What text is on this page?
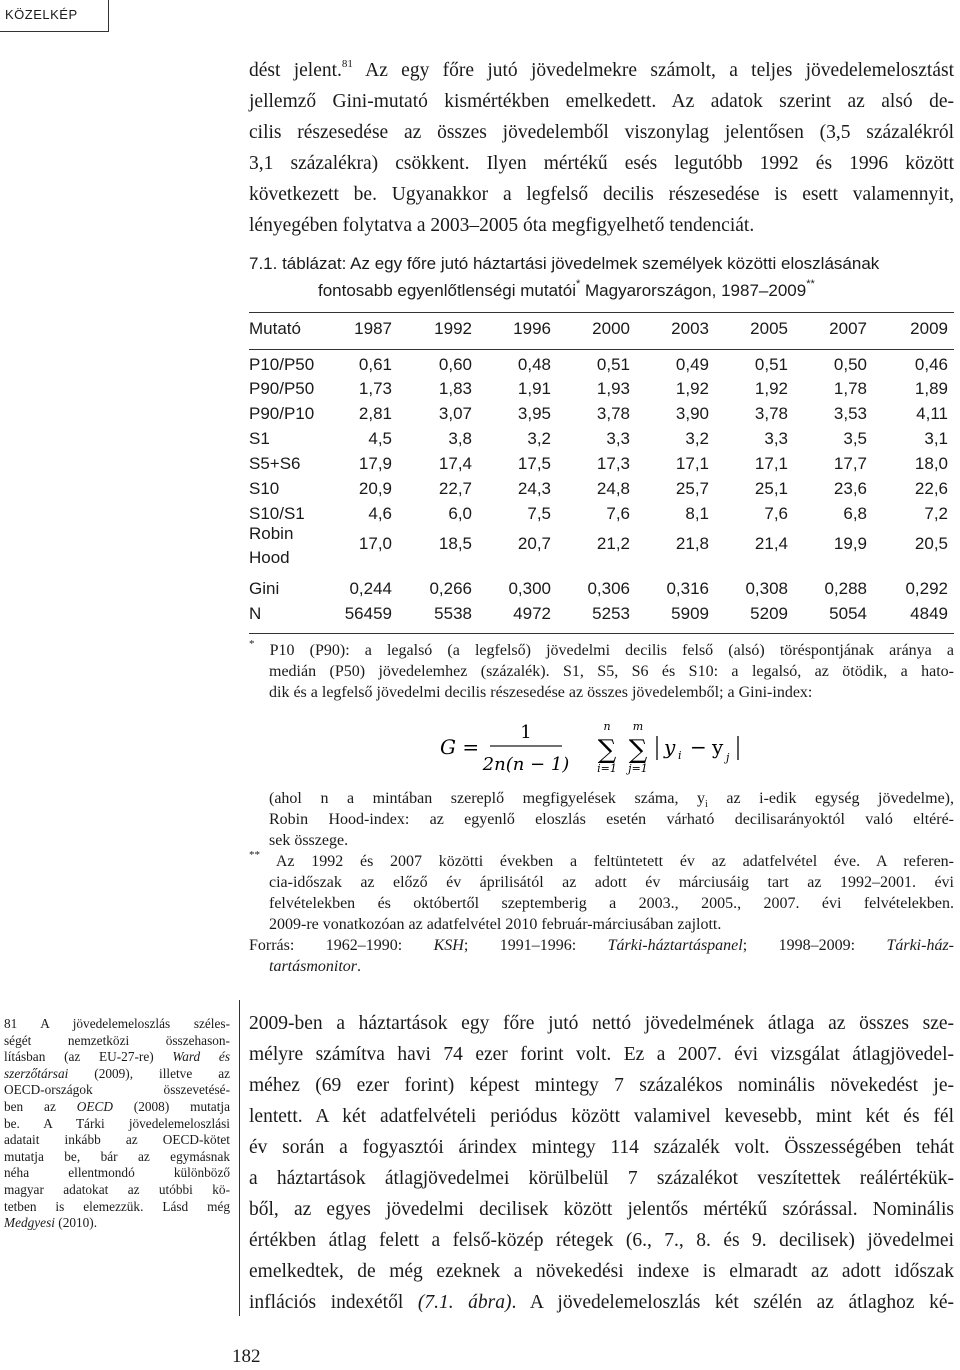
KÖZELKÉP
dést jelent.$^{81}$ Az egy főre jutó jövedelmekre számolt, a teljes jövedelemelosztást
jellemző Gini-mutató kismértékben emelkedett. Az adatok szerint az alsó de-
cilis részesedése az összes jövedelemből viszonylag jelentősen (3,5 százalékról
3,1 százalékra) csökkent. Ilyen mértékű esés legutóbb 1992 és 1996 között
következett be. Ugyanakkor a legfelső decilis részesedése is esett valamennyit,
lényegében folytatva a 2003–2005 óta megfigyelhető tendenciát.
7.1. táblázat: Az egy főre jutó háztartási jövedelmek személyek közötti eloszlásának
fontosabb egyenlőtlenségi mutatói* Magyarországon, 1987–2009**
Mutató	1987 1992 1996 2000 2003 2005 2007	2009
P10/P50	0,61	0,60	0,48	0,51	0,49	0,51	0,50	0,46
P90/P50	1,73	1,83	1,91	1,93	1,92	1,92	1,78	1,89
P90/P10	2,81	3,07	3,95	3,78	3,90	3,78	3,53	4,11
S1	4,5	3,8	3,2	3,3	3,2	3,3	3,5	3,1
S5+S6	17,9	17,4	17,5	17,3	17,1	17,1	17,7	18,0
S10	20,9	22,7	24,3	24,8	25,7	25,1	23,6	22,6
S10/S1	4,6	6,0	7,5	7,6	8,1	7,6	6,8	7,2
Robin
Hood
17,0	18,5	20,7	21,2	21,8	21,4	19,9	20,5
Gini	0,244 0,266 0,300 0,306 0,316 0,308 0,288 0,292
N	56459 5538 4972 5253 5909 5209 5054	4849
* P10 (P90): a legalsó (a legfelső) jövedelmi decilis felső (alsó) töréspontjának aránya a
medián (P50) jövedelemhez (százalék). S1, S5, S6 és S10: a legalsó, az ötödik, a hato-
dik és a legfelső jövedelmi decilis részesedése az összes jövedelemből; a Gini-index:
G =
1
2n(n − 1)
n
∑
i=1
m
∑
j=1
y i − y j
(ahol n a mintában szereplő megfigyelések száma, $y_i$ az i-edik egység jövedelme),
Robin Hood-index: az egyenlő eloszlás esetén várható decilisarányoktól való eltéré-
sek összege.
** Az 1992 és 2007 közötti években a feltüntetett év az adatfelvétel éve. A referen-
cia-időszak az előző év áprilisától az adott év márciusáig tart az 1992–2001. évi
felvételekben és októbertől szeptemberig a 2003., 2005., 2007. évi felvételekben.
2009-re vonatkozóan az adatfelvétel 2010 február-márciusában zajlott.
Forrás: 1962–1990: KSH; 1991–1996: Tárki-háztartáspanel; 1998–2009: Tárki-ház-
tartásmonitor.
2009-ben a háztartások egy főre jutó nettó jövedelmének átlaga az összes sze-
mélyre számítva havi 74 ezer forint volt. Ez a 2007. évi vizsgálat átlagjövedel-
méhez (69 ezer forint) képest mintegy 7 százalékos nominális növekedést je-
lentett. A két adatfelvételi periódus között valamivel kevesebb, mint két és fél
év során a fogyasztói árindex mintegy 114 százalék volt. Összességében tehát
a háztartások átlagjövedelmei körülbelül 7 százalékot veszítettek reálértékük-
ből, az egyes jövedelmi decilisek között jelentős mértékű szórással. Nominális
értékben átlag felett a felső-közép rétegek (6., 7., 8. és 9. decilisek) jövedelmei
emelkedtek, de még ezeknek a növekedési indexe is elmaradt az adott időszak
inflációs indexétől (7.1. ábra). A jövedelemeloszlás két szélén az átlaghoz ké-
81 A jövedelemeloszlás széles-
ségét nemzetközi összehason-
lításban (az EU-27-re) Ward és
szerzőtársai (2009), illetve az
OECD-országok összevetésé-
ben az OECD (2008) mutatja
be. A Tárki jövedelemeloszlási
adatait inkább az OECD-kötet
mutatja be, bár az egymásnak
néha ellentmondó különböző
magyar adatokat az utóbbi kö-
tetben is elemezzük. Lásd még
Medgyesi (2010).
182
